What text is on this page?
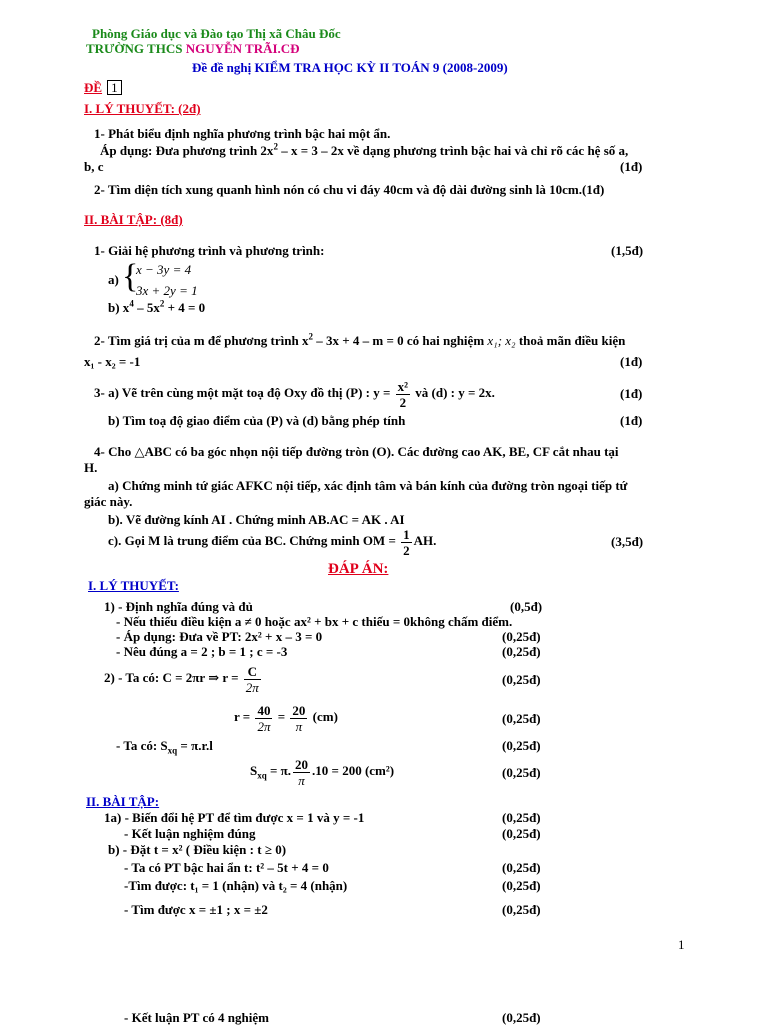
Phòng Giáo dục và Đào tạo Thị xã Châu Đốc
TRƯỜNG THCS NGUYỄN TRÃI.CĐ
Đề đề nghị KIỂM TRA HỌC KỲ II TOÁN 9 (2008-2009)
ĐỀ 1
I. LÝ THUYẾT: (2đ)
1- Phát biểu định nghĩa phương trình bậc hai một ẩn.
Áp dụng: Đưa phương trình $2x^2 - x = 3 - 2x$ về dạng phương trình bậc hai và chỉ rõ các hệ số a,
b, c	(1đ)
2- Tìm diện tích xung quanh hình nón có chu vi đáy 40cm và độ dài đường sinh là 10cm.(1đ)
II. BÀI TẬP: (8đ)
1- Giải hệ phương trình và phương trình:	(1,5đ)
a) {
x − 3y = 4
3x + 2y = 1
b) $x^4 - 5x^2 + 4 = 0$
2- Tìm giá trị của m để phương trình $x^2 - 3x + 4 - m = 0$ có hai nghiệm x₁; x₂ thoả mãn điều kiện
x₁ - x₂ = -1	(1đ)
3- a) Vẽ trên cùng một mặt toạ độ Oxy đồ thị (P) : $y = \frac{\text{x²}}{2}$ và (d) : y = 2x.	(1đ)
b) Tìm toạ độ giao điểm của (P) và (d) bằng phép tính	(1đ)
4- Cho △ABC có ba góc nhọn nội tiếp đường tròn (O). Các đường cao AK, BE, CF cắt nhau tại
H.
a) Chứng minh tứ giác AFKC nội tiếp, xác định tâm và bán kính của đường tròn ngoại tiếp tứ
giác này.
b). Vẽ đường kính AI . Chứng minh AB.AC = AK . AI
c). Gọi M là trung điểm của BC. Chứng minh OM = $\frac{1}{2}$ AH.	(3,5đ)
ĐÁP ÁN:
I. LÝ THUYẾT:
1) - Định nghĩa đúng và đủ	(0,5đ)
- Nếu thiếu điều kiện a ≠ 0 hoặc ax² + bx + c thiếu = 0không chấm điểm.
- Áp dụng: Đưa về PT: 2x² + x – 3 = 0	(0,25đ)
- Nêu đúng a = 2 ; b = 1 ; c = -3	(0,25đ)
2) - Ta có: C = 2πr ⇒ $r = \frac{C}{2\pi}$	(0,25đ)
$r = \frac{40}{2\pi} = \frac{20}{\pi} (cm)$	(0,25đ)
- Ta có: $S_{xq} = \pi.r.l$	(0,25đ)
$S_{xq} = \pi$. $\frac{20}{\pi} .10 = 200$ (cm²)	(0,25đ)
II. BÀI TẬP:
1a) - Biến đổi hệ PT để tìm được x = 1 và y = -1	(0,25đ)
- Kết luận nghiệm đúng	(0,25đ)
b) - Đặt t = x² ( Điều kiện : t ≥ 0)
- Ta có PT bậc hai ẩn t: t² – 5t + 4 = 0	(0,25đ)
-Tìm được: t₁ = 1 (nhận) và t₂ = 4 (nhận)	(0,25đ)
- Tìm được x = ±1 ; x = ±2	(0,25đ)
1
- Kết luận PT có 4 nghiệm	(0,25đ)
